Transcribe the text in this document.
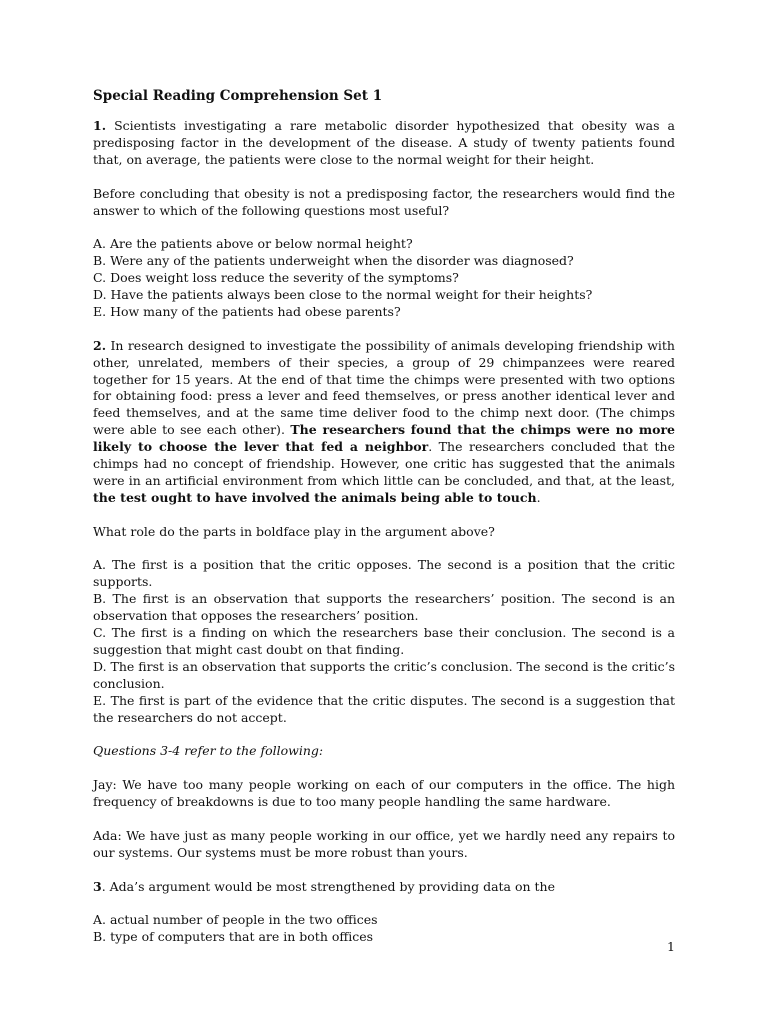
Special Reading Comprehension Set 1

1. Scientists investigating a rare metabolic disorder hypothesized that obesity was a predisposing factor in the development of the disease. A study of twenty patients found that, on average, the patients were close to the normal weight for their height.

Before concluding that obesity is not a predisposing factor, the researchers would find the answer to which of the following questions most useful?

A. Are the patients above or below normal height?
B. Were any of the patients underweight when the disorder was diagnosed?
C. Does weight loss reduce the severity of the symptoms?
D. Have the patients always been close to the normal weight for their heights?
E. How many of the patients had obese parents?

2. In research designed to investigate the possibility of animals developing friendship with other, unrelated, members of their species, a group of 29 chimpanzees were reared together for 15 years. At the end of that time the chimps were presented with two options for obtaining food: press a lever and feed themselves, or press another identical lever and feed themselves, and at the same time deliver food to the chimp next door. (The chimps were able to see each other). The researchers found that the chimps were no more likely to choose the lever that fed a neighbor. The researchers concluded that the chimps had no concept of friendship. However, one critic has suggested that the animals were in an artificial environment from which little can be concluded, and that, at the least, the test ought to have involved the animals being able to touch.

What role do the parts in boldface play in the argument above?

A. The first is a position that the critic opposes. The second is a position that the critic supports.
B. The first is an observation that supports the researchers’ position. The second is an observation that opposes the researchers’ position.
C. The first is a finding on which the researchers base their conclusion. The second is a suggestion that might cast doubt on that finding.
D. The first is an observation that supports the critic’s conclusion. The second is the critic’s conclusion.
E. The first is part of the evidence that the critic disputes. The second is a suggestion that the researchers do not accept.

Questions 3-4 refer to the following:

Jay: We have too many people working on each of our computers in the office. The high frequency of breakdowns is due to too many people handling the same hardware.

Ada: We have just as many people working in our office, yet we hardly need any repairs to our systems. Our systems must be more robust than yours.

3. Ada’s argument would be most strengthened by providing data on the

A. actual number of people in the two offices
B. type of computers that are in both offices
1
